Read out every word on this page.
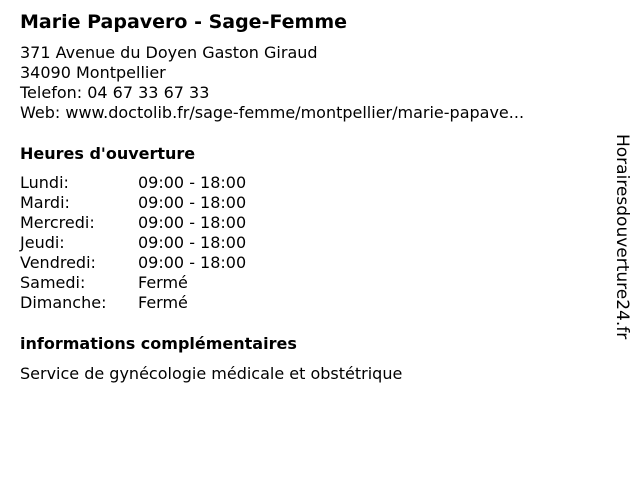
Marie Papavero - Sage-Femme
371 Avenue du Doyen Gaston Giraud
34090 Montpellier
Telefon: 04 67 33 67 33
Web: www.doctolib.fr/sage-femme/montpellier/marie-papave...
Heures d'ouverture
Lundi:	09:00 - 18:00
Mardi:	09:00 - 18:00
Mercredi:	09:00 - 18:00
Jeudi:	09:00 - 18:00
Vendredi:	09:00 - 18:00
Samedi:	Fermé
Dimanche:	Fermé
informations complémentaires
Service de gynécologie médicale et obstétrique
Horairesdouverture24.fr
